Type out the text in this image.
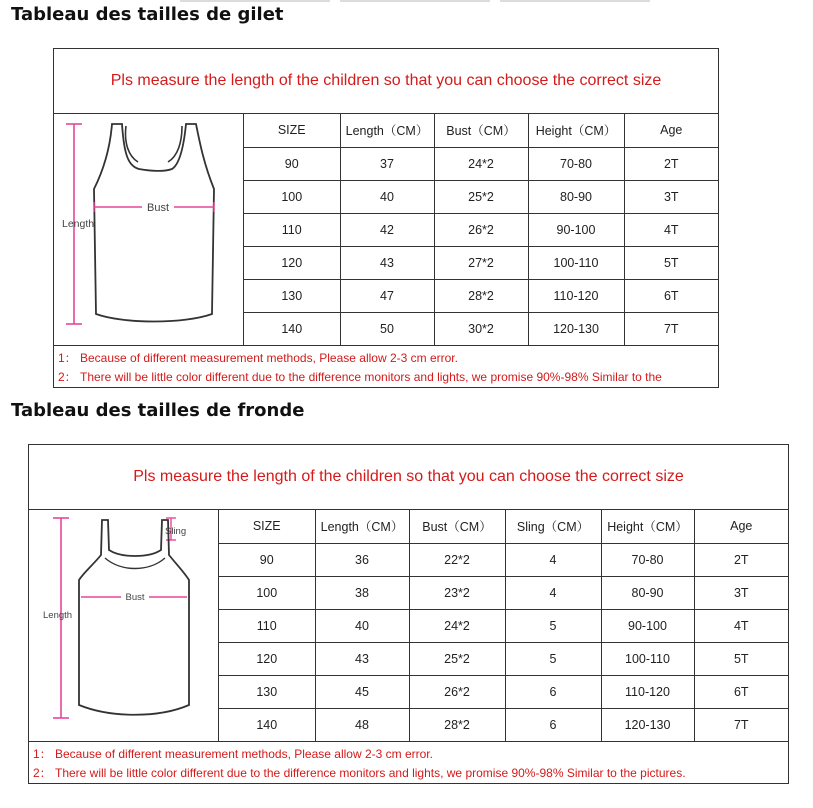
Tableau des tailles de gilet
Pls measure the length of the children so that you can choose the correct size
Bust
Length
SIZE	Length（CM）	Bust（CM）	Height（CM）	Age
90	37	24*2	70-80	2T
100	40	25*2	80-90	3T
110	42	26*2	90-100	4T
120	43	27*2	100-110	5T
130	47	28*2	110-120	6T
140	50	30*2	120-130	7T
1： Because of different measurement methods, Please allow 2-3 cm error.
2： There will be little color different due to the difference monitors and lights, we promise 90%-98% Similar to the
Tableau des tailles de fronde
Pls measure the length of the children so that you can choose the correct size
Sling
Bust
Length
SIZE	Length（CM）	Bust（CM）	Sling（CM）	Height（CM）	Age
90	36	22*2	4	70-80	2T
100	38	23*2	4	80-90	3T
110	40	24*2	5	90-100	4T
120	43	25*2	5	100-110	5T
130	45	26*2	6	110-120	6T
140	48	28*2	6	120-130	7T
1： Because of different measurement methods, Please allow 2-3 cm error.
2： There will be little color different due to the difference monitors and lights, we promise 90%-98% Similar to the pictures.
